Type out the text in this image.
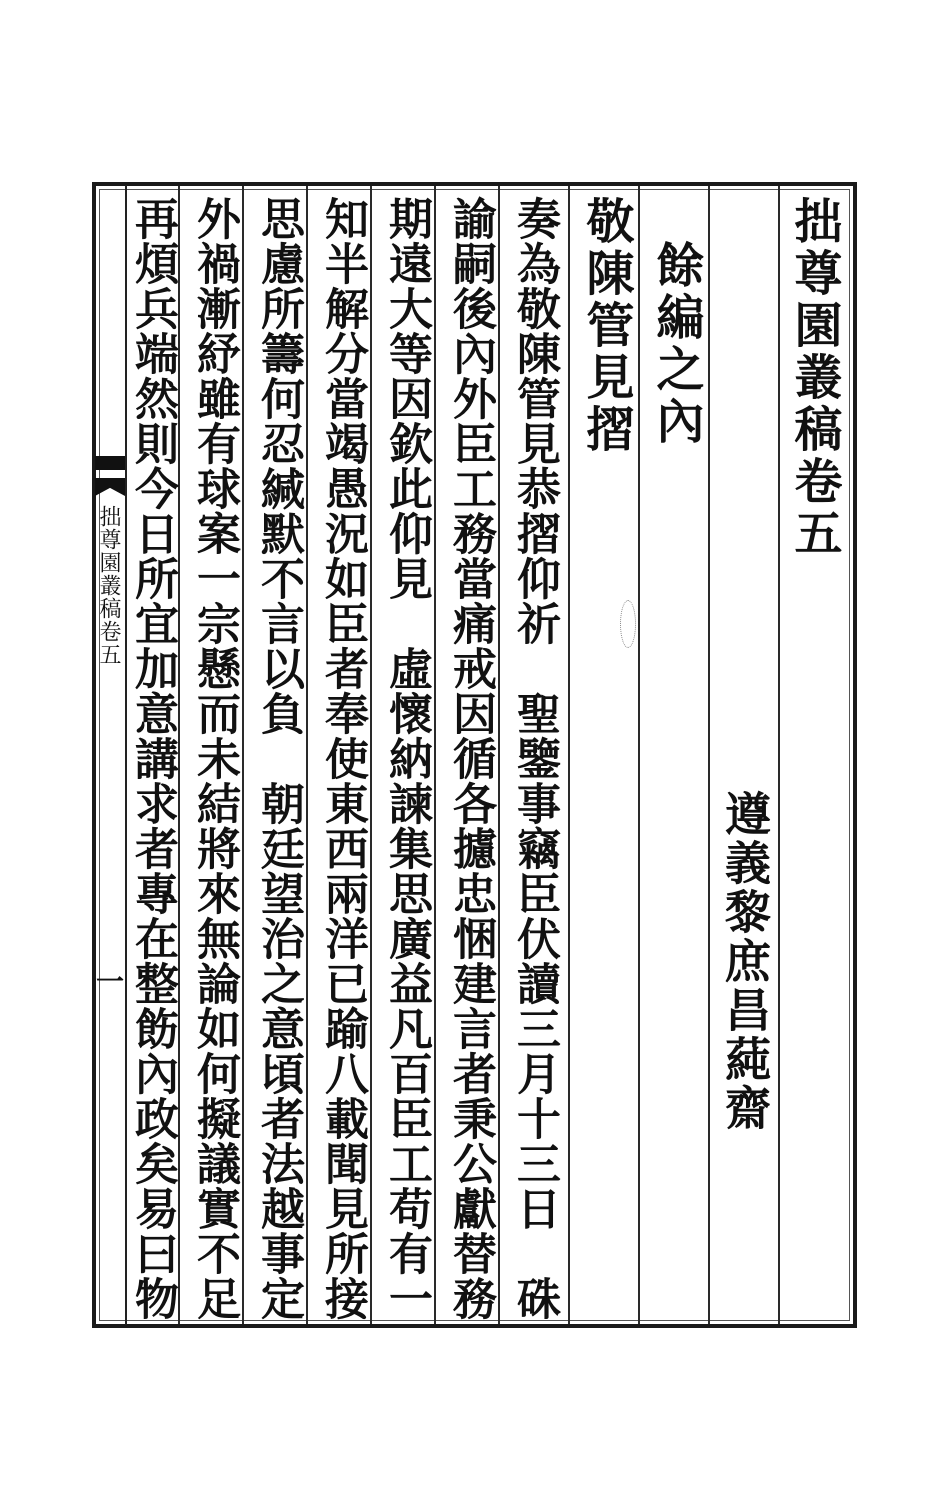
拙尊園叢稿卷五
一
拙尊園叢稿卷五
遵義黎庶昌蒓齋
餘編之內
敬陳管見摺
奏為敬陳管見恭摺仰祈　聖鑒事竊臣伏讀三月十三日　硃
諭嗣後內外臣工務當痛戒因循各攄忠悃建言者秉公獻替務
期遠大等因欽此仰見　虛懷納諫集思廣益凡百臣工苟有一
知半解分當竭愚況如臣者奉使東西兩洋已踰八載聞見所接
思慮所籌何忍緘默不言以負　朝廷望治之意頃者法越事定
外禍漸紓雖有球案一宗懸而未結將來無論如何擬議實不足
再煩兵端然則今日所宜加意講求者專在整飭內政矣易曰物
